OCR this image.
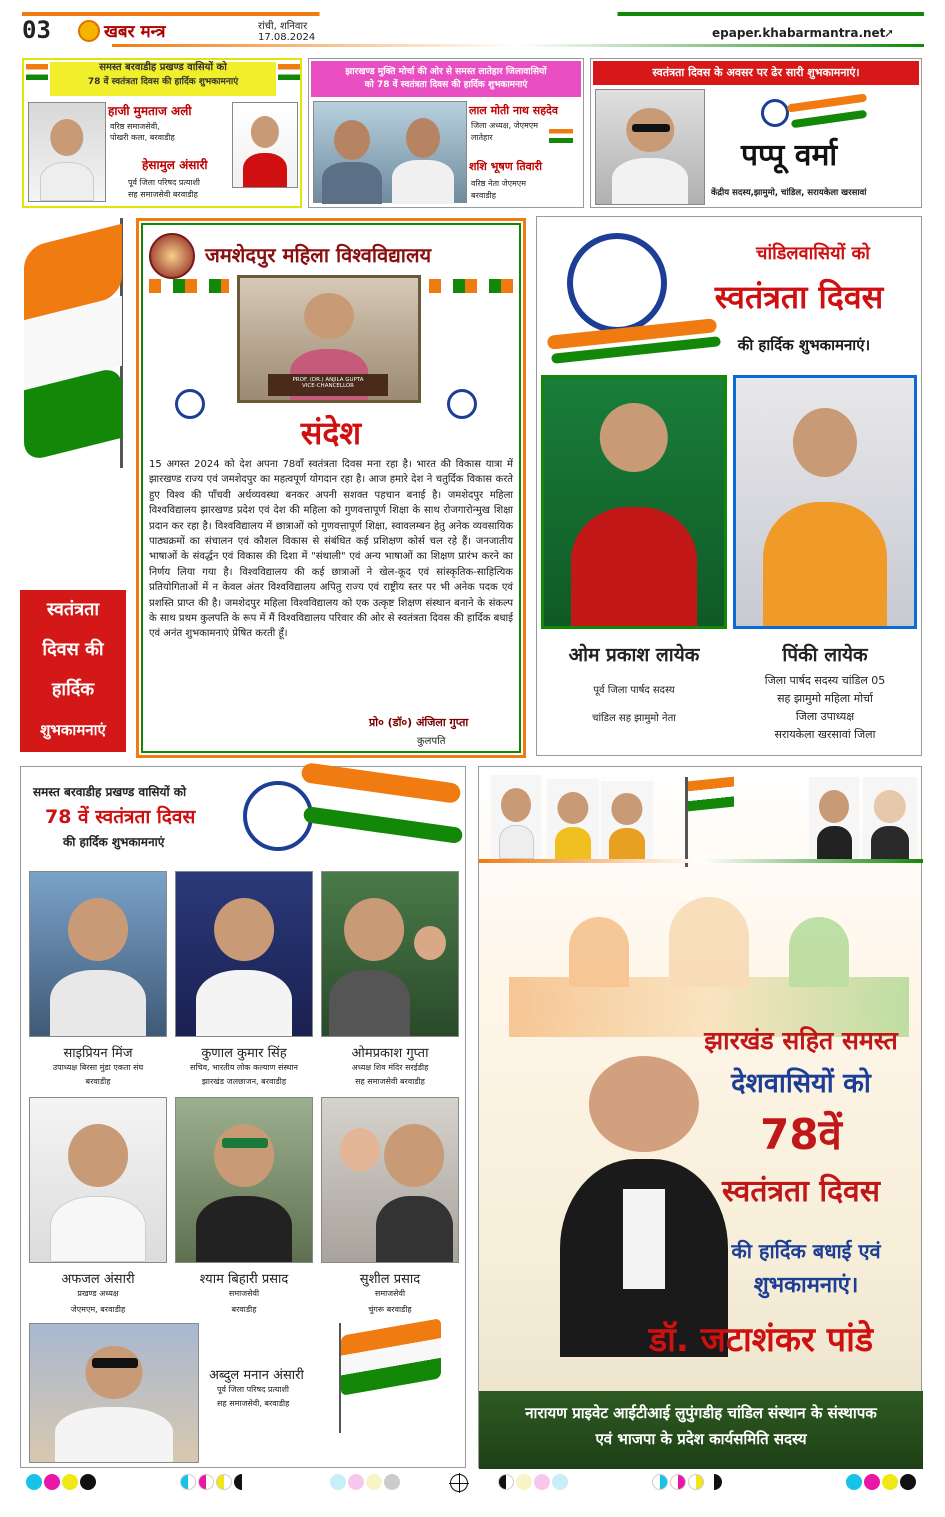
03	खबर मन्त्र	रांची, शनिवार
17.08.2024	epaper.khabarmantra.net
➚
समस्त बरवाडीह प्रखण्ड वासियों को
78 वें स्वतंत्रता दिवस की हार्दिक शुभकामनाएं
हाजी मुमताज अली
वरिष्ठ समाजसेवी,
पोखरी कला, बरवाडीह
हेसामुल अंसारी
पूर्व जिला परिषद प्रत्याशी
सह समाजसेवी बरवाडीह
झारखण्ड मुक्ति मोर्चा की ओर से समस्त लातेहार जिलावासियों
को 78 वें स्वतंत्रता दिवस की हार्दिक शुभकामनाएं
लाल मोती नाथ सहदेव
जिला अध्यक्ष, जेएमएम
लातेहार
शशि भूषण तिवारी
वरिष्ठ नेता जेएमएम
बरवाडीह
स्वतंत्रता दिवस के अवसर पर ढेर सारी शुभकामनाएं।
पप्पू वर्मा
केंद्रीय सदस्य,झामुमो, चांडिल, सरायकेला खरसावां
स्वतंत्रता
दिवस की
हार्दिक
शुभकामनाएं
जमशेदपुर महिला विश्वविद्यालय
PROF. (DR.) ANJILA GUPTA
VICE-CHANCELLOR
संदेश
15 अगस्त 2024 को देश अपना 78वाँ स्वतंत्रता दिवस मना रहा है। भारत की विकास यात्रा में झारखण्ड राज्य एवं जमशेदपुर का महत्वपूर्ण योगदान रहा है। आज हमारे देश ने चतुर्दिक विकास करते हुए विश्व की पाँचवी अर्थव्यवस्था बनकर अपनी सशक्त पहचान बनाई है। जमशेदपुर महिला विश्वविद्यालय झारखण्ड प्रदेश एवं देश की महिला को गुणवत्तापूर्ण शिक्षा के साथ रोजगारोन्मुख शिक्षा प्रदान कर रहा है। विश्वविद्यालय में छात्राओं को गुणवत्तापूर्ण शिक्षा, स्वावलम्बन हेतु अनेक व्यवसायिक पाठ्यक्रमों का संचालन एवं कौशल विकास से संबंधित कई प्रशिक्षण कोर्स चल रहे हैं। जनजातीय भाषाओं के संवर्द्धन एवं विकास की दिशा में "संथाली" एवं अन्य भाषाओं का शिक्षण प्रारंभ करने का निर्णय लिया गया है। विश्वविद्यालय की कई छात्राओं ने खेल-कूद एवं सांस्कृतिक-साहित्यिक प्रतियोगिताओं में न केवल अंतर विश्वविद्यालय अपितु राज्य एवं राष्ट्रीय स्तर पर भी अनेक पदक एवं प्रशस्ति प्राप्त की है। जमशेदपुर महिला विश्वविद्यालय को एक उत्कृष्ट शिक्षण संस्थान बनाने के संकल्प के साथ प्रथम कुलपति के रूप में मैं विश्वविद्यालय परिवार की ओर से स्वतंत्रता दिवस की हार्दिक बधाई एवं अनंत शुभकामनाएं प्रेषित करती हूँ।
प्रो० (डॉ०) अंजिला गुप्ता
कुलपति
चांडिलवासियों को
स्वतंत्रता दिवस
की हार्दिक शुभकामनाएं।
ओम प्रकाश लायेक
पूर्व जिला पार्षद सदस्य
चांडिल सह झामुमो नेता
पिंकी लायेक
जिला पार्षद सदस्य चांडिल 05
सह झामुमो महिला मोर्चा
जिला उपाध्यक्ष
सरायकेला खरसावां जिला
समस्त बरवाडीह प्रखण्ड वासियों को
78 वें स्वतंत्रता दिवस
की हार्दिक शुभकामनाएं
साइप्रियन मिंज
उपाध्यक्ष बिरसा मुंडा एकता संघ
बरवाडीह
कुणाल कुमार सिंह
सचिव, भारतीय लोक कल्याण संस्थान
झारखंड जलछाजन, बरवाडीह
ओमप्रकाश गुप्ता
अध्यक्ष शिव मंदिर सरईडीह
सह समाजसेवी बरवाडीह
अफजल अंसारी
प्रखण्ड अध्यक्ष
जेएमएम, बरवाडीह
श्याम बिहारी प्रसाद
समाजसेवी
बरवाडीह
सुशील प्रसाद
समाजसेवी
चुंगरू बरवाडीह
अब्दुल मनान अंसारी
पूर्व जिला परिषद प्रत्याशी
सह समाजसेवी, बरवाडीह
झारखंड सहित समस्त
देशवासियों को
78वें
स्वतंत्रता दिवस
की हार्दिक बधाई एवं
शुभकामनाएं।
डॉ. जटाशंकर पांडे
नारायण प्राइवेट आईटीआई लुपुंगडीह चांडिल संस्थान के संस्थापक
एवं भाजपा के प्रदेश कार्यसमिति सदस्य
